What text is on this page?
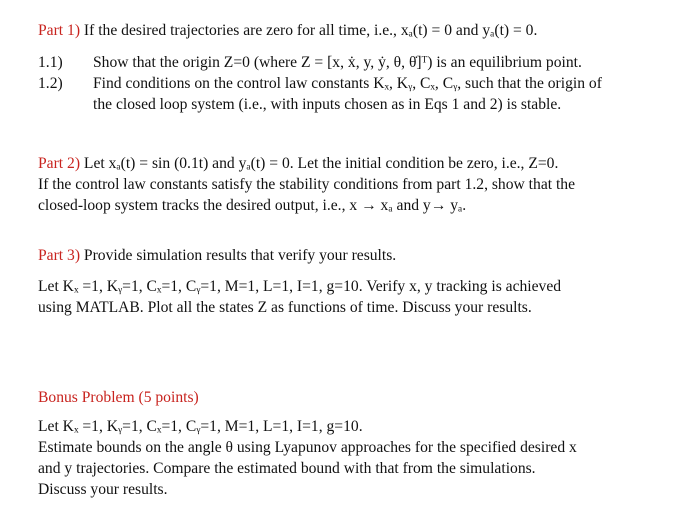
Part 1) If the desired trajectories are zero for all time, i.e., xₐ(t) = 0 and yₐ(t) = 0.
1.1) Show that the origin Z=0 (where Z = [x, ẋ, y, ẏ, θ, θ̇]ᵀ) is an equilibrium point.
1.2) Find conditions on the control law constants Kₓ, Kᵧ, Cₓ, Cᵧ, such that the origin of
the closed loop system (i.e., with inputs chosen as in Eqs 1 and 2) is stable.
Part 2) Let xₐ(t) = sin (0.1t) and yₐ(t) = 0. Let the initial condition be zero, i.e., Z=0.
If the control law constants satisfy the stability conditions from part 1.2, show that the
closed-loop system tracks the desired output, i.e., x → xₐ and y→ yₐ.
Part 3) Provide simulation results that verify your results.
Let Kₓ =1, Kᵧ=1, Cₓ=1, Cᵧ=1, M=1, L=1, I=1, g=10. Verify x, y tracking is achieved
using MATLAB. Plot all the states Z as functions of time. Discuss your results.
Bonus Problem (5 points)
Let Kₓ =1, Kᵧ=1, Cₓ=1, Cᵧ=1, M=1, L=1, I=1, g=10.
Estimate bounds on the angle θ using Lyapunov approaches for the specified desired x
and y trajectories. Compare the estimated bound with that from the simulations.
Discuss your results.
